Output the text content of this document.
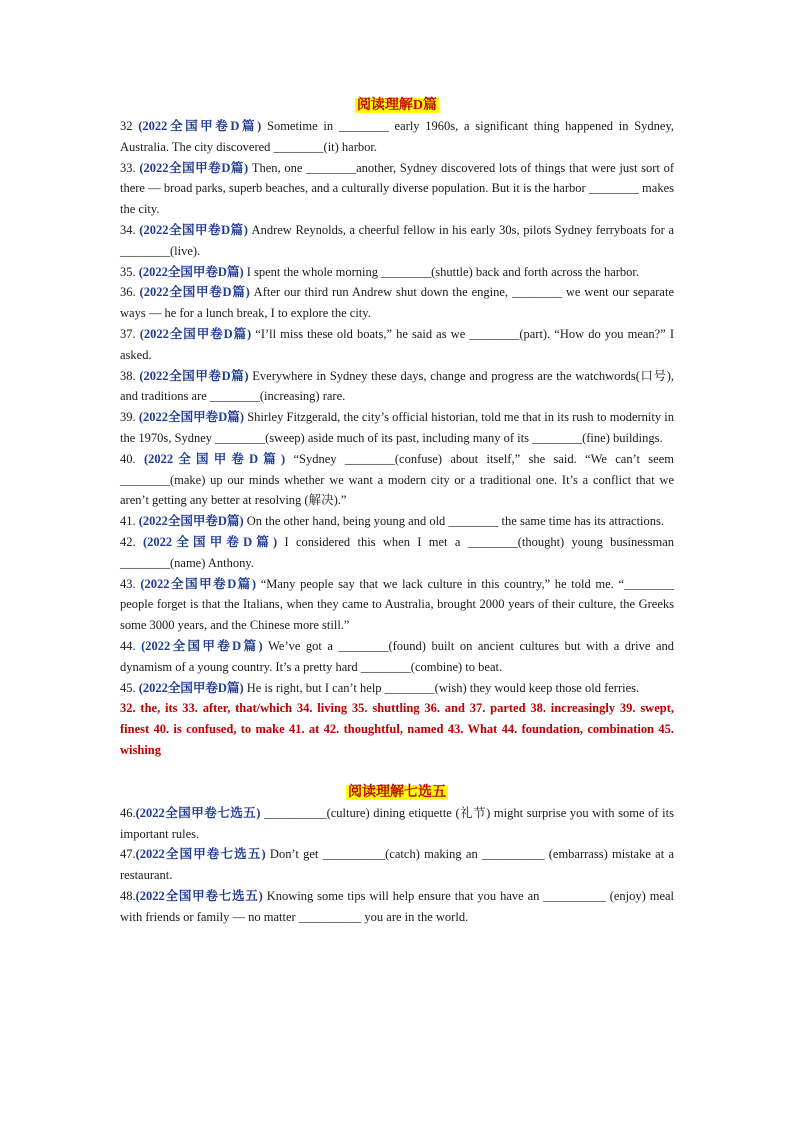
阅读理解D篇

32 (2022全国甲卷D篇) Sometime in ________ early 1960s, a significant thing happened in Sydney, Australia. The city discovered ________(it) harbor.

33. (2022全国甲卷D篇) Then, one ________another, Sydney discovered lots of things that were just sort of there — broad parks, superb beaches, and a culturally diverse population. But it is the harbor ________ makes the city.

34. (2022全国甲卷D篇) Andrew Reynolds, a cheerful fellow in his early 30s, pilots Sydney ferryboats for a ________(live).

35. (2022全国甲卷D篇) I spent the whole morning ________(shuttle) back and forth across the harbor.

36. (2022全国甲卷D篇) After our third run Andrew shut down the engine, ________ we went our separate ways — he for a lunch break, I to explore the city.

37. (2022全国甲卷D篇) “I’ll miss these old boats,” he said as we ________(part). “How do you mean?” I asked.

38. (2022全国甲卷D篇) Everywhere in Sydney these days, change and progress are the watchwords(口号), and traditions are ________(increasing) rare.

39. (2022全国甲卷D篇) Shirley Fitzgerald, the city’s official historian, told me that in its rush to modernity in the 1970s, Sydney ________(sweep) aside much of its past, including many of its ________(fine) buildings.

40. (2022全国甲卷D篇) “Sydney ________(confuse) about itself,” she said. “We can’t seem ________(make) up our minds whether we want a modern city or a traditional one. It’s a conflict that we aren’t getting any better at resolving (解决).”

41. (2022全国甲卷D篇) On the other hand, being young and old ________ the same time has its attractions.

42. (2022全国甲卷D篇) I considered this when I met a ________(thought) young businessman ________(name) Anthony.

43. (2022全国甲卷D篇) “Many people say that we lack culture in this country,” he told me. “________ people forget is that the Italians, when they came to Australia, brought 2000 years of their culture, the Greeks some 3000 years, and the Chinese more still.”

44. (2022全国甲卷D篇) We’ve got a ________(found) built on ancient cultures but with a drive and dynamism of a young country. It’s a pretty hard ________(combine) to beat.

45. (2022全国甲卷D篇) He is right, but I can’t help ________(wish) they would keep those old ferries.

32. the, its 33. after, that/which 34. living 35. shuttling 36. and 37. parted 38. increasingly 39. swept, finest 40. is confused, to make 41. at 42. thoughtful, named 43. What 44. foundation, combination 45. wishing

阅读理解七选五

46.(2022全国甲卷七选五) __________(culture) dining etiquette (礼节) might surprise you with some of its important rules.

47.(2022全国甲卷七选五) Don’t get __________(catch) making an __________ (embarrass) mistake at a restaurant.

48.(2022全国甲卷七选五) Knowing some tips will help ensure that you have an __________ (enjoy) meal with friends or family — no matter __________ you are in the world.
